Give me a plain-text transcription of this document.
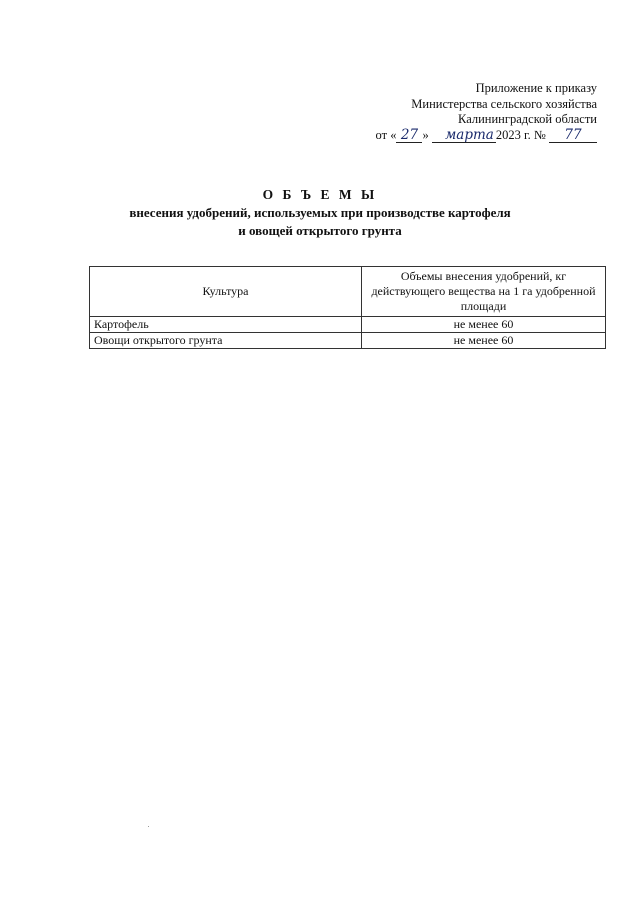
Приложение к приказу
Министерства сельского хозяйства
Калининградской области
от « 27 » марта 2023 г. № 77
О Б Ъ Е М Ы
внесения удобрений, используемых при производстве картофеля
и овощей открытого грунта
Культура	Объемы внесения удобрений, кг действующего вещества на 1 га удобренной площади
Картофель	не менее 60
Овощи открытого грунта	не менее 60
